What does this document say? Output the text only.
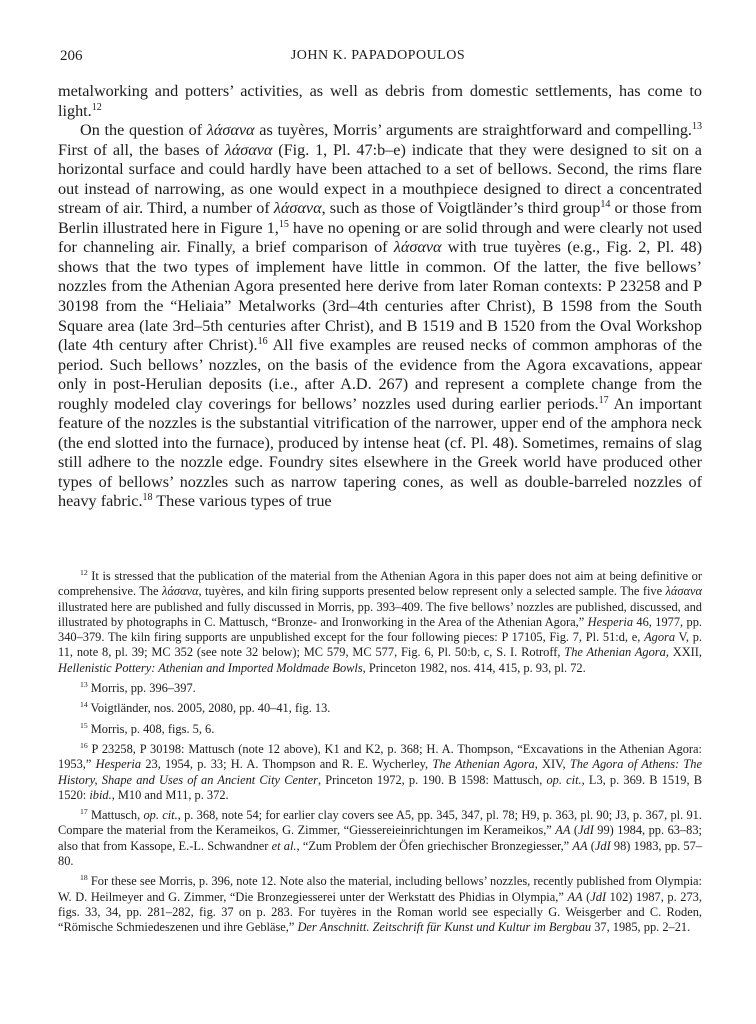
206	JOHN K. PAPADOPOULOS

metalworking and potters’ activities, as well as debris from domestic settlements, has come to light.$^{12}$

On the question of λάσανα as tuyères, Morris’ arguments are straightforward and compelling.$^{13}$ First of all, the bases of λάσανα (Fig. 1, Pl. 47:b–e) indicate that they were designed to sit on a horizontal surface and could hardly have been attached to a set of bellows. Second, the rims flare out instead of narrowing, as one would expect in a mouthpiece designed to direct a concentrated stream of air. Third, a number of λάσανα, such as those of Voigtländer’s third group$^{14}$ or those from Berlin illustrated here in Figure 1,15 have no opening or are solid through and were clearly not used for channeling air. Finally, a brief comparison of λάσανα with true tuyères (e.g., Fig. 2, Pl. 48) shows that the two types of implement have little in common. Of the latter, the five bellows’ nozzles from the Athenian Agora presented here derive from later Roman contexts: P 23258 and P 30198 from the “Heliaia” Metalworks (3rd–4th centuries after Christ), B 1598 from the South Square area (late 3rd–5th centuries after Christ), and B 1519 and B 1520 from the Oval Workshop (late 4th century after Christ).$^{16}$ All five examples are reused necks of common amphoras of the period. Such bellows’ nozzles, on the basis of the evidence from the Agora excavations, appear only in post-Herulian deposits (i.e., after A.D. 267) and represent a complete change from the roughly modeled clay coverings for bellows’ nozzles used during earlier periods.$^{17}$ An important feature of the nozzles is the substantial vitrification of the narrower, upper end of the amphora neck (the end slotted into the furnace), produced by intense heat (cf. Pl. 48). Sometimes, remains of slag still adhere to the nozzle edge. Foundry sites elsewhere in the Greek world have produced other types of bellows’ nozzles such as narrow tapering cones, as well as double-barreled nozzles of heavy fabric.$^{18}$ These various types of true

$^{12}$ It is stressed that the publication of the material from the Athenian Agora in this paper does not aim at being definitive or comprehensive. The λάσανα, tuyères, and kiln firing supports presented below represent only a selected sample. The five λάσανα illustrated here are published and fully discussed in Morris, pp. 393–409. The five bellows’ nozzles are published, discussed, and illustrated by photographs in C. Mattusch, “Bronze- and Ironworking in the Area of the Athenian Agora,” Hesperia 46, 1977, pp. 340–379. The kiln firing supports are unpublished except for the four following pieces: P 17105, Fig. 7, Pl. 51:d, e, Agora V, p. 11, note 8, pl. 39; MC 352 (see note 32 below); MC 579, MC 577, Fig. 6, Pl. 50:b, c, S. I. Rotroff, The Athenian Agora, XXII, Hellenistic Pottery: Athenian and Imported Moldmade Bowls, Princeton 1982, nos. 414, 415, p. 93, pl. 72.

$^{13}$ Morris, pp. 396–397.

$^{14}$ Voigtländer, nos. 2005, 2080, pp. 40–41, fig. 13.

$^{15}$ Morris, p. 408, figs. 5, 6.

$^{16}$ P 23258, P 30198: Mattusch (note 12 above), K1 and K2, p. 368; H. A. Thompson, “Excavations in the Athenian Agora: 1953,” Hesperia 23, 1954, p. 33; H. A. Thompson and R. E. Wycherley, The Athenian Agora, XIV, The Agora of Athens: The History, Shape and Uses of an Ancient City Center, Princeton 1972, p. 190. B 1598: Mattusch, op. cit., L3, p. 369. B 1519, B 1520: ibid., M10 and M11, p. 372.

$^{17}$ Mattusch, op. cit., p. 368, note 54; for earlier clay covers see A5, pp. 345, 347, pl. 78; H9, p. 363, pl. 90; J3, p. 367, pl. 91. Compare the material from the Kerameikos, G. Zimmer, “Giessereieinrichtungen im Kerameikos,” AA (JdI 99) 1984, pp. 63–83; also that from Kassope, E.-L. Schwandner et al., “Zum Problem der Öfen griechischer Bronzegiesser,” AA (JdI 98) 1983, pp. 57–80.

$^{18}$ For these see Morris, p. 396, note 12. Note also the material, including bellows’ nozzles, recently published from Olympia: W. D. Heilmeyer and G. Zimmer, “Die Bronzegiesserei unter der Werkstatt des Phidias in Olympia,” AA (JdI 102) 1987, p. 273, figs. 33, 34, pp. 281–282, fig. 37 on p. 283. For tuyères in the Roman world see especially G. Weisgerber and C. Roden, “Römische Schmiedeszenen und ihre Gebläse,” Der Anschnitt. Zeitschrift für Kunst und Kultur im Bergbau 37, 1985, pp. 2–21.
